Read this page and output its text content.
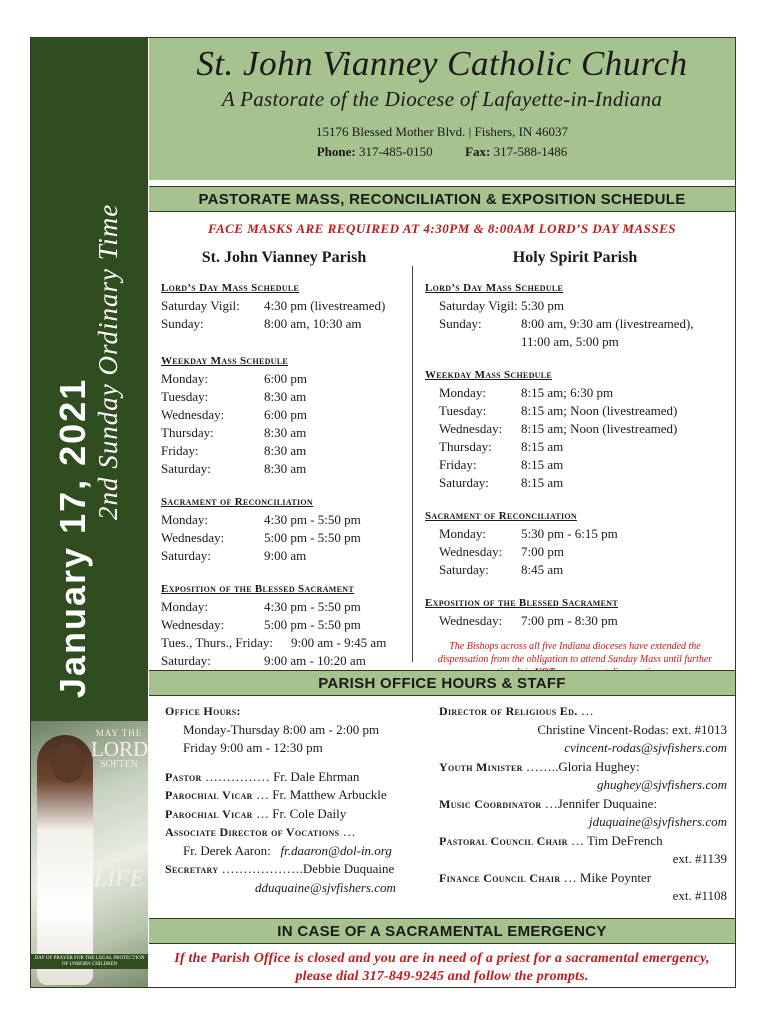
January 17, 2021
2nd Sunday Ordinary Time
MAY THE
LORD
SOFTEN
LIFE
DAY OF PRAYER FOR THE LEGAL PROTECTION OF UNBORN CHILDREN
St. John Vianney Catholic Church
A Pastorate of the Diocese of Lafayette-in-Indiana
15176 Blessed Mother Blvd. | Fishers, IN 46037
Phone: 317-485-0150	Fax: 317-588-1486
PASTORATE MASS, RECONCILIATION & EXPOSITION SCHEDULE
FACE MASKS ARE REQUIRED AT 4:30PM & 8:00AM LORD’S DAY MASSES
St. John Vianney Parish
Lord’s Day Mass Schedule
Saturday Vigil:	4:30 pm (livestreamed)
Sunday:	8:00 am, 10:30 am
Weekday Mass Schedule
Monday:	6:00 pm
Tuesday:	8:30 am
Wednesday:	6:00 pm
Thursday:	8:30 am
Friday:	8:30 am
Saturday:	8:30 am
Sacrament of Reconciliation
Monday:	4:30 pm - 5:50 pm
Wednesday:	5:00 pm - 5:50 pm
Saturday:	9:00 am
Exposition of the Blessed Sacrament
Monday:	4:30 pm - 5:50 pm
Wednesday:	5:00 pm - 5:50 pm
Tues., Thurs., Friday:	9:00 am - 9:45 am
Saturday:	9:00 am - 10:20 am
Holy Spirit Parish
Lord’s Day Mass Schedule
Saturday Vigil: 5:30 pm
Sunday:	8:00 am, 9:30 am (livestreamed),
11:00 am, 5:00 pm
Weekday Mass Schedule
Monday:	8:15 am; 6:30 pm
Tuesday:	8:15 am; Noon (livestreamed)
Wednesday:	8:15 am; Noon (livestreamed)
Thursday:	8:15 am
Friday:	8:15 am
Saturday:	8:15 am
Sacrament of Reconciliation
Monday:	5:30 pm - 6:15 pm
Wednesday:	7:00 pm
Saturday:	8:45 am
Exposition of the Blessed Sacrament
Wednesday:	7:00 pm - 8:30 pm
The Bishops across all five Indiana dioceses have extended the dispensation from the obligation to attend Sunday Mass until further
PARISH OFFICE HOURS & STAFF
Office Hours:
Monday-Thursday 8:00 am - 2:00 pm
Friday 9:00 am - 12:30 pm
Pastor …………… Fr. Dale Ehrman
Parochial Vicar … Fr. Matthew Arbuckle
Parochial Vicar … Fr. Cole Daily
Associate Director of Vocations …
Fr. Derek Aaron: fr.daaron@dol-in.org
Secretary ……………….Debbie Duquaine
dduquaine@sjvfishers.com
Director of Religious Ed. …
Christine Vincent-Rodas: ext. #1013
cvincent-rodas@sjvfishers.com
Youth Minister ……..Gloria Hughey:
ghughey@sjvfishers.com
Music Coordinator …Jennifer Duquaine:
jduquaine@sjvfishers.com
Pastoral Council Chair … Tim DeFrench
ext. #1139
Finance Council Chair … Mike Poynter
ext. #1108
IN CASE OF A SACRAMENTAL EMERGENCY
If the Parish Office is closed and you are in need of a priest for a sacramental emergency,
please dial 317-849-9245 and follow the prompts.
